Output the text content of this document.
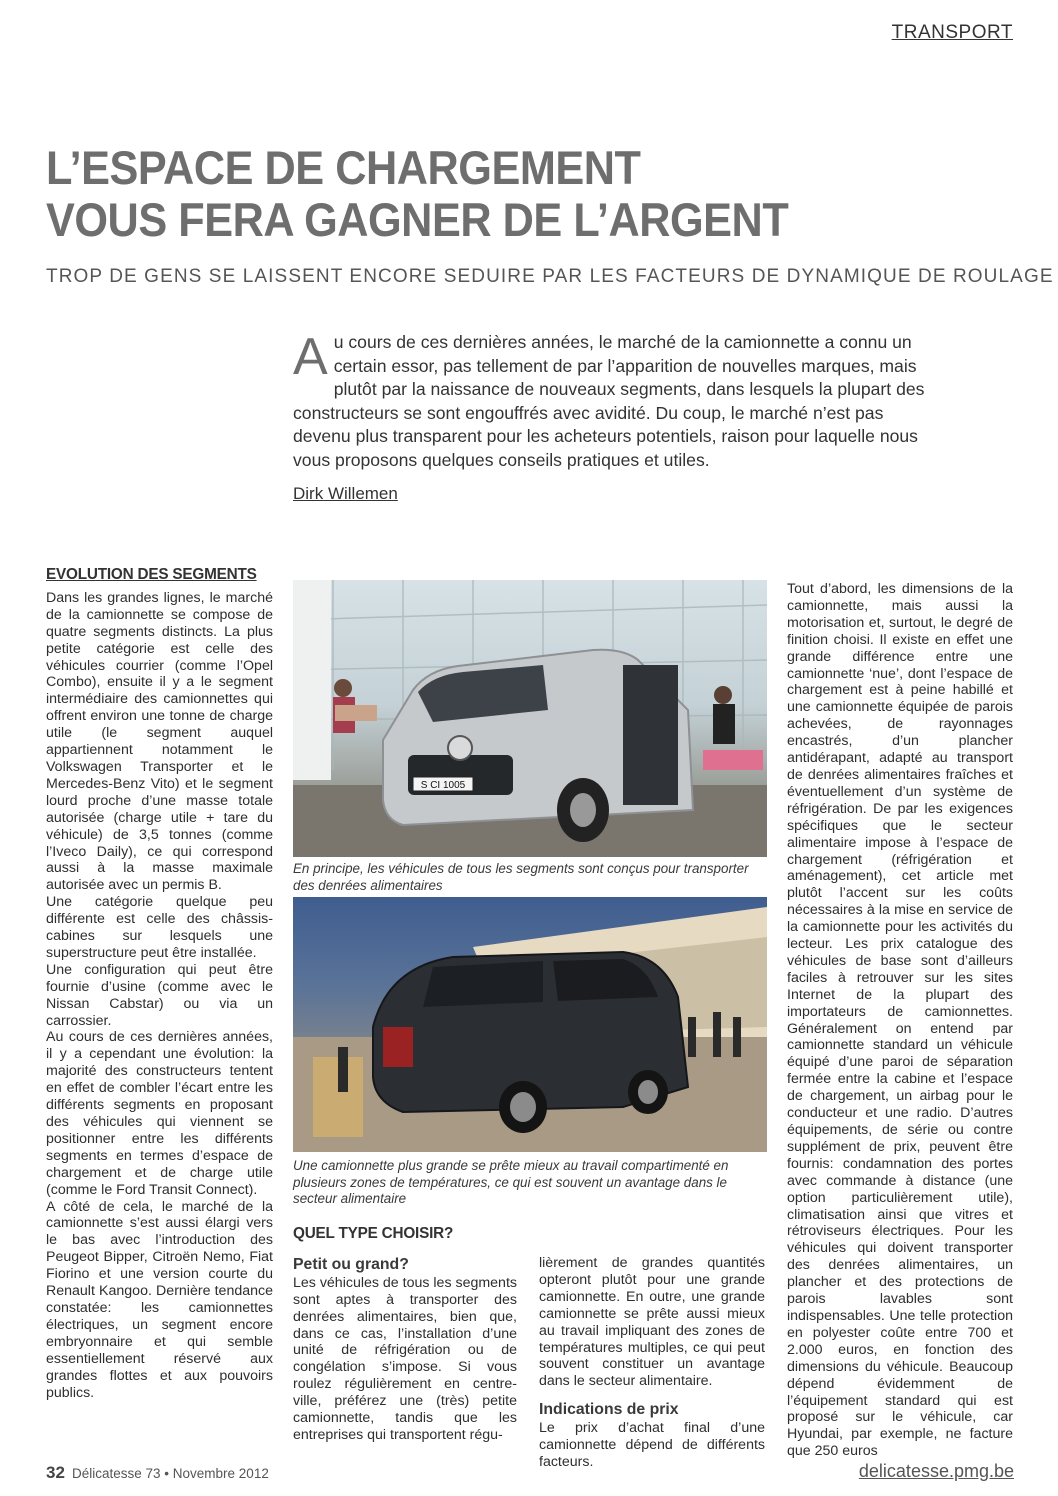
TRANSPORT
L’ESPACE DE CHARGEMENT
VOUS FERA GAGNER DE L’ARGENT
TROP DE GENS SE LAISSENT ENCORE SEDUIRE PAR LES FACTEURS DE DYNAMIQUE DE ROULAGE
A u cours de ces dernières années, le marché de la camionnette a connu un certain essor, pas tellement de par l’apparition de nouvelles marques, mais plutôt par la naissance de nouveaux segments, dans lesquels la plupart des constructeurs se sont engouffrés avec avidité. Du coup, le marché n’est pas devenu plus transparent pour les acheteurs potentiels, raison pour laquelle nous vous proposons quelques conseils pratiques et utiles.
Dirk Willemen

EVOLUTION DES SEGMENTS

Dans les grandes lignes, le marché de la camionnette se compose de quatre segments distincts. La plus petite catégorie est celle des véhicules courrier (comme l’Opel Combo), ensuite il y a le segment intermédiaire des camionnettes qui offrent environ une tonne de charge utile (le segment auquel appartiennent notamment le Volkswagen Transporter et le Mercedes-Benz Vito) et le segment lourd proche d’une masse totale autorisée (charge utile + tare du véhicule) de 3,5 tonnes (comme l’Iveco Daily), ce qui correspond aussi à la masse maximale autorisée avec un permis B.

Une catégorie quelque peu différente est celle des châssis-cabines sur lesquels une superstructure peut être installée.

Une configuration qui peut être fournie d’usine (comme avec le Nissan Cabstar) ou via un carrossier.

Au cours de ces dernières années, il y a cependant une évolution: la majorité des constructeurs tentent en effet de combler l’écart entre les différents segments en proposant des véhicules qui viennent se positionner entre les différents segments en termes d’espace de chargement et de charge utile (comme le Ford Transit Connect).

A côté de cela, le marché de la camionnette s’est aussi élargi vers le bas avec l’introduction des Peugeot Bipper, Citroën Nemo, Fiat Fiorino et une version courte du Renault Kangoo. Dernière tendance constatée: les camionnettes électriques, un segment encore embryonnaire et qui semble essentiellement réservé aux grandes flottes et aux pouvoirs publics.

S CI 1005
En principe, les véhicules de tous les segments sont conçus pour transporter des denrées alimentaires
Une camionnette plus grande se prête mieux au travail compartimenté en plusieurs zones de températures, ce qui est souvent un avantage dans le secteur alimentaire

QUEL TYPE CHOISIR?

Petit ou grand?

Les véhicules de tous les segments sont aptes à transporter des denrées alimentaires, bien que, dans ce cas, l’installation d’une unité de réfrigération ou de congélation s’impose. Si vous roulez régulièrement en centre-ville, préférez une (très) petite camionnette, tandis que les entreprises qui transportent régu-

lièrement de grandes quantités opteront plutôt pour une grande camionnette. En outre, une grande camionnette se prête aussi mieux au travail impliquant des zones de températures multiples, ce qui peut souvent constituer un avantage dans le secteur alimentaire.

Indications de prix

Le prix d’achat final d’une camionnette dépend de différents facteurs.

Tout d’abord, les dimensions de la camionnette, mais aussi la motorisation et, surtout, le degré de finition choisi. Il existe en effet une grande différence entre une camionnette ‘nue’, dont l’espace de chargement est à peine habillé et une camionnette équipée de parois achevées, de rayonnages encastrés, d’un plancher antidérapant, adapté au transport de denrées alimentaires fraîches et éventuellement d’un système de réfrigération. De par les exigences spécifiques que le secteur alimentaire impose à l’espace de chargement (réfrigération et aménagement), cet article met plutôt l’accent sur les coûts nécessaires à la mise en service de la camionnette pour les activités du lecteur. Les prix catalogue des véhicules de base sont d’ailleurs faciles à retrouver sur les sites Internet de la plupart des importateurs de camionnettes. Généralement on entend par camionnette standard un véhicule équipé d’une paroi de séparation fermée entre la cabine et l’espace de chargement, un airbag pour le conducteur et une radio. D’autres équipements, de série ou contre supplément de prix, peuvent être fournis: condamnation des portes avec commande à distance (une option particulièrement utile), climatisation ainsi que vitres et rétroviseurs électriques. Pour les véhicules qui doivent transporter des denrées alimentaires, un plancher et des protections de parois lavables sont indispensables. Une telle protection en polyester coûte entre 700 et 2.000 euros, en fonction des dimensions du véhicule. Beaucoup dépend évidemment de l’équipement standard qui est proposé sur le véhicule, car Hyundai, par exemple, ne facture que 250 euros

32 Délicatesse 73 • Novembre 2012	delicatesse.pmg.be
